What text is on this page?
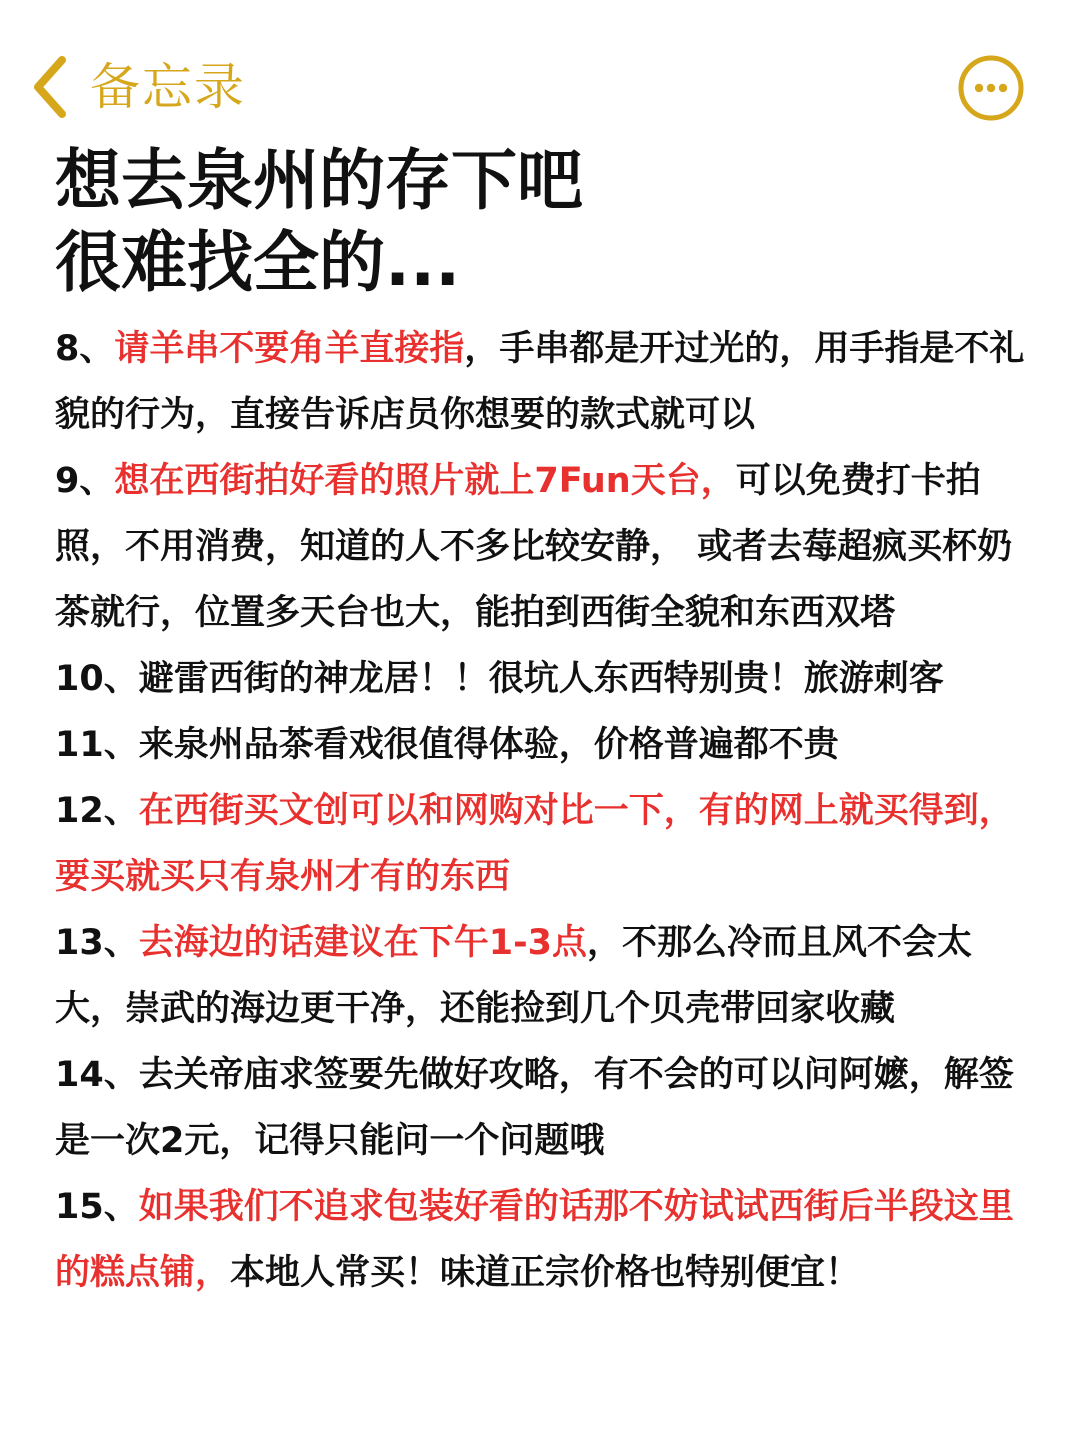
备忘录
想去泉州的存下吧
很难找全的...
8、请羊串不要角羊直接指，手串都是开过光的，用手指是不礼貌的行为，直接告诉店员你想要的款式就可以
9、想在西街拍好看的照片就上7Fun天台，可以免费打卡拍照，不用消费，知道的人不多比较安静， 或者去莓超疯买杯奶茶就行，位置多天台也大，能拍到西街全貌和东西双塔
10、避雷西街的神龙居！！很坑人东西特别贵！旅游刺客
11、来泉州品茶看戏很值得体验，价格普遍都不贵
12、在西街买文创可以和网购对比一下，有的网上就买得到，要买就买只有泉州才有的东西
13、去海边的话建议在下午1-3点，不那么冷而且风不会太大，崇武的海边更干净，还能捡到几个贝壳带回家收藏
14、去关帝庙求签要先做好攻略，有不会的可以问阿嬷，解签是一次2元，记得只能问一个问题哦
15、如果我们不追求包装好看的话那不妨试试西街后半段这里的糕点铺，本地人常买！味道正宗价格也特别便宜！
